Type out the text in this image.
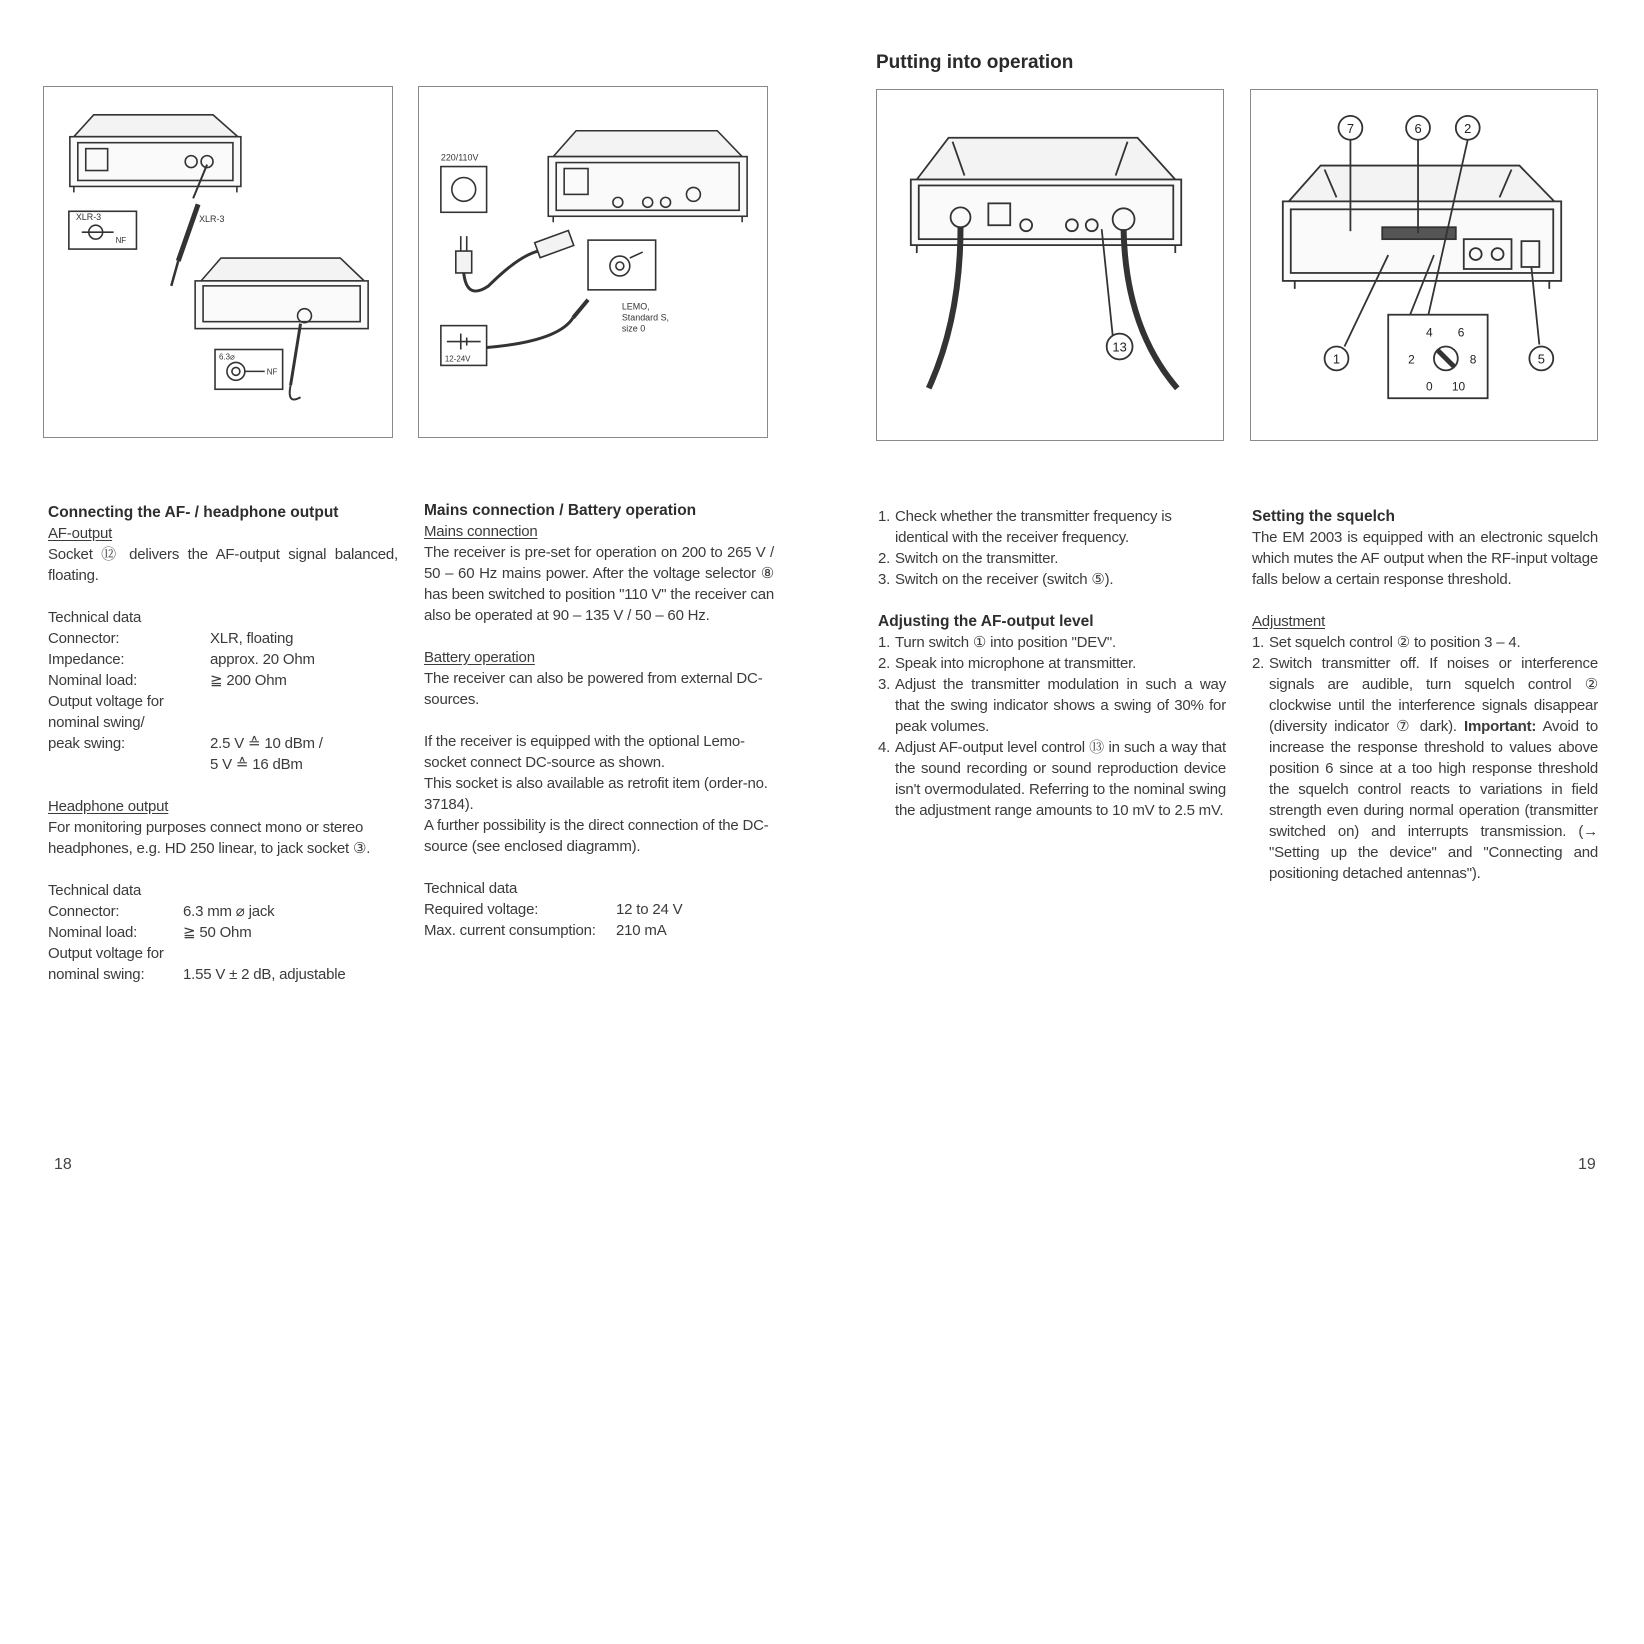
Putting into operation
XLR-3	XLR-3
NF
6.3⌀
NF
220/110V
12-24V
LEMO,
Standard S,
size 0
13
7	6	2
1	5
4 6
2	8
0 10

Connecting the AF- / headphone output

AF-output

Socket ⑫ delivers the AF-output signal balanced, floating.

Technical data

Connector:	XLR, floating
Impedance:	approx. 20 Ohm
Nominal load:	≧ 200 Ohm
Output voltage for	
nominal swing/	
peak swing:	2.5 V ≙ 10 dBm /
	5 V ≙ 16 dBm

Headphone output

For monitoring purposes connect mono or stereo headphones, e.g. HD 250 linear, to jack socket ③.

Technical data

Connector:	6.3 mm ⌀ jack
Nominal load:	≧ 50 Ohm
Output voltage for	
nominal swing:	1.55 V ± 2 dB, adjustable

Mains connection / Battery operation

Mains connection

The receiver is pre-set for operation on 200 to 265 V / 50 – 60 Hz mains power. After the voltage selector ⑧ has been switched to position "110 V" the receiver can also be operated at 90 – 135 V / 50 – 60 Hz.

Battery operation

The receiver can also be powered from external DC-sources.

If the receiver is equipped with the optional Lemo-socket connect DC-source as shown.

This socket is also available as retrofit item (order-no. 37184).

A further possibility is the direct connection of the DC-source (see enclosed diagramm).

Technical data

Required voltage:	12 to 24 V
Max. current consumption:	210 mA
1. Check whether the transmitter frequency is identical with the receiver frequency.
2. Switch on the transmitter.
3. Switch on the receiver (switch ⑤).

Adjusting the AF-output level

1. Turn switch ① into position "DEV".
2. Speak into microphone at transmitter.
3. Adjust the transmitter modulation in such a way that the swing indicator shows a swing of 30% for peak volumes.
4. Adjust AF-output level control ⑬ in such a way that the sound recording or sound reproduction device isn't overmodulated. Referring to the nominal swing the adjustment range amounts to 10 mV to 2.5 mV.

Setting the squelch

The EM 2003 is equipped with an electronic squelch which mutes the AF output when the RF-input voltage falls below a certain response threshold.

Adjustment

1. Set squelch control ② to position 3 – 4.
2. Switch transmitter off. If noises or interference signals are audible, turn squelch control ② clockwise until the interference signals disappear (diversity indicator ⑦ dark). Important: Avoid to increase the response threshold to values above position 6 since at a too high response threshold the squelch control reacts to variations in field strength even during normal operation (transmitter switched on) and interrupts transmission. (→ "Setting up the device" and "Connecting and positioning detached antennas").
18	19
